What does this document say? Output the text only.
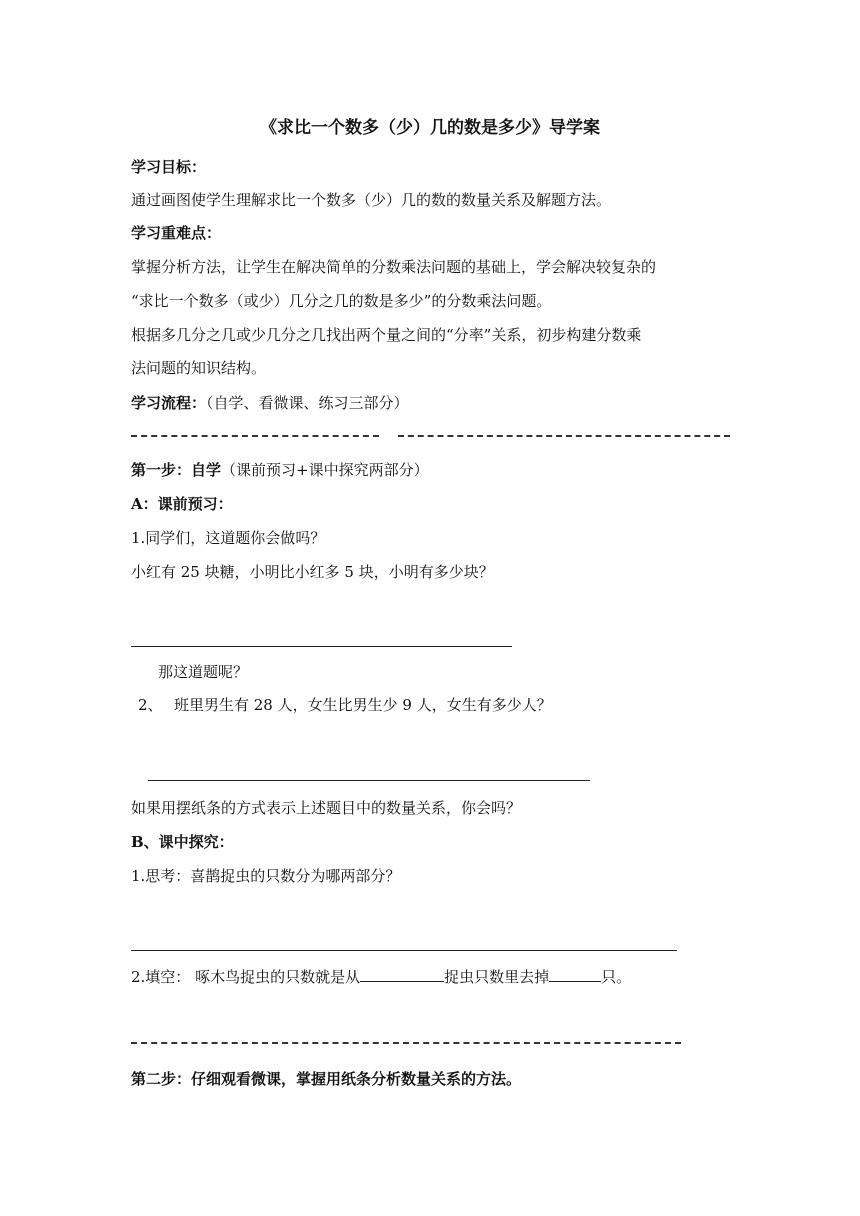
《求比一个数多（少）几的数是多少》导学案
学习目标：
通过画图使学生理解求比一个数多（少）几的数的数量关系及解题方法。
学习重难点：
掌握分析方法，让学生在解决简单的分数乘法问题的基础上，学会解决较复杂的
“求比一个数多（或少）几分之几的数是多少”的分数乘法问题。
根据多几分之几或少几分之几找出两个量之间的“分率”关系，初步构建分数乘
法问题的知识结构。
学习流程：（自学、看微课、练习三部分）
第一步：自学（课前预习+课中探究两部分）
A：课前预习：
1.同学们，这道题你会做吗？
小红有 25 块糖，小明比小红多 5 块，小明有多少块？
那这道题呢？
2、 班里男生有 28 人，女生比男生少 9 人，女生有多少人？
如果用摆纸条的方式表示上述题目中的数量关系，你会吗？
B、课中探究：
1.思考：喜鹊捉虫的只数分为哪两部分？
2.填空： 啄木鸟捉虫的只数就是从	捉虫只数里去掉	只。
第二步：仔细观看微课，掌握用纸条分析数量关系的方法。
